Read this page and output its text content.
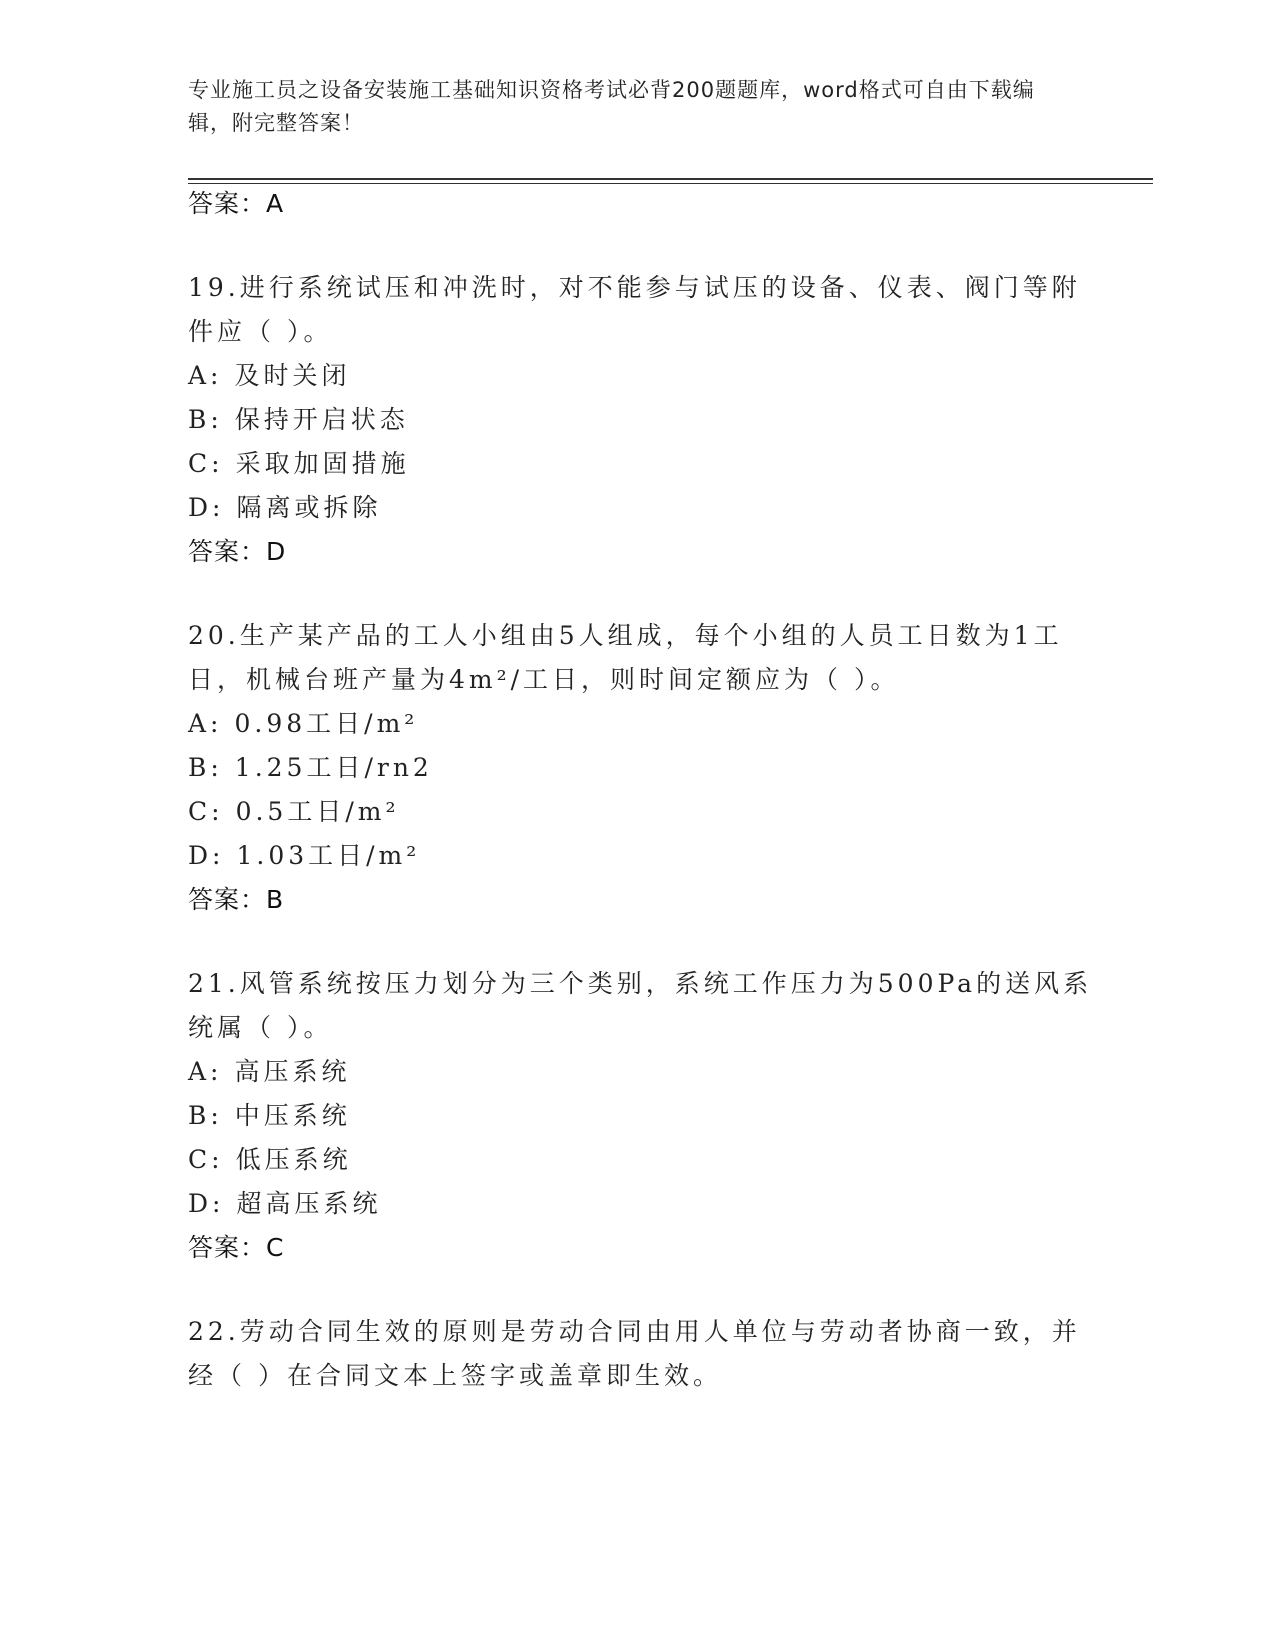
专业施工员之设备安装施工基础知识资格考试必背200题题库，word格式可自由下载编辑，附完整答案！
答案：A
19.进行系统试压和冲洗时，对不能参与试压的设备、仪表、阀门等附
件应（ ）。
A: 及时关闭
B: 保持开启状态
C: 采取加固措施
D: 隔离或拆除
答案：D
20.生产某产品的工人小组由5人组成，每个小组的人员工日数为1工
日，机械台班产量为4m²/工日，则时间定额应为（ ）。
A: 0.98工日/m²
B: 1.25工日/rn2
C: 0.5工日/m²
D: 1.03工日/m²
答案：B
21.风管系统按压力划分为三个类别，系统工作压力为500Pa的送风系
统属（ ）。
A: 高压系统
B: 中压系统
C: 低压系统
D: 超高压系统
答案：C
22.劳动合同生效的原则是劳动合同由用人单位与劳动者协商一致，并
经（ ）在合同文本上签字或盖章即生效。
